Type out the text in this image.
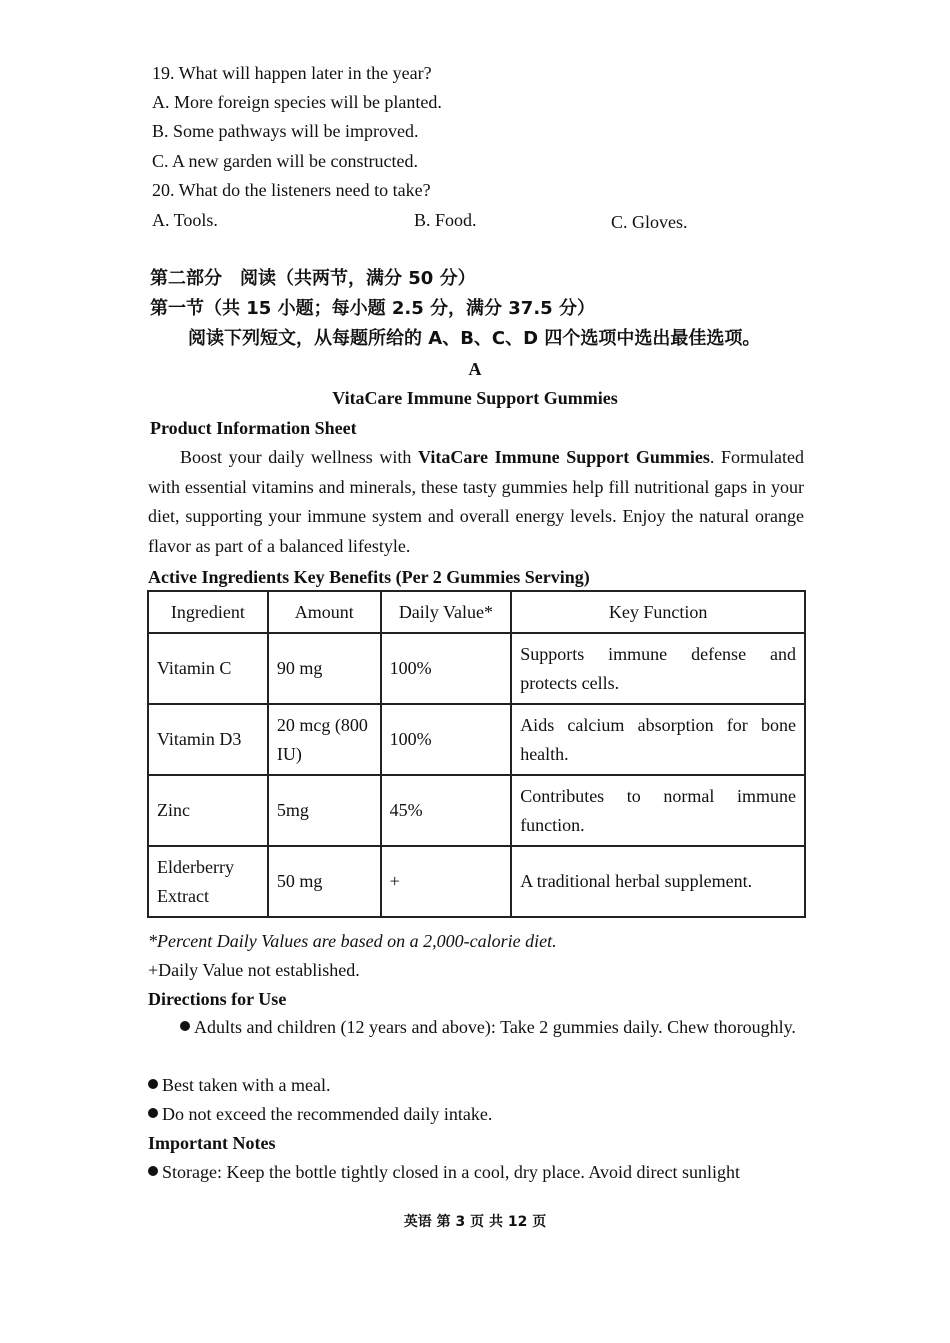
19. What will happen later in the year?
A. More foreign species will be planted.
B. Some pathways will be improved.
C. A new garden will be constructed.
20. What do the listeners need to take?
A. Tools.	B. Food.	C. Gloves.
第二部分　阅读（共两节，满分 50 分）
第一节（共 15 小题；每小题 2.5 分，满分 37.5 分）
阅读下列短文，从每题所给的 A、B、C、D 四个选项中选出最佳选项。
A
VitaCare Immune Support Gummies
Product Information Sheet
Boost your daily wellness with VitaCare Immune Support Gummies. Formulated with essential vitamins and minerals, these tasty gummies help fill nutritional gaps in your diet, supporting your immune system and overall energy levels. Enjoy the natural orange flavor as part of a balanced lifestyle.
Active Ingredients Key Benefits (Per 2 Gummies Serving)
Ingredient	Amount	Daily Value*	Key Function
Vitamin C	90 mg	100%	Supports immune defense and protects cells.
Vitamin D3	20 mcg (800 IU)	100%	Aids calcium absorption for bone health.
Zinc	5mg	45%	Contributes to normal immune function.
Elderberry Extract	50 mg	+	A traditional herbal supplement.
*Percent Daily Values are based on a 2,000-calorie diet.
+Daily Value not established.
Directions for Use
Adults and children (12 years and above): Take 2 gummies daily. Chew thoroughly.
Best taken with a meal.
Do not exceed the recommended daily intake.
Important Notes
Storage: Keep the bottle tightly closed in a cool, dry place. Avoid direct sunlight
英语 第 3 页 共 12 页
